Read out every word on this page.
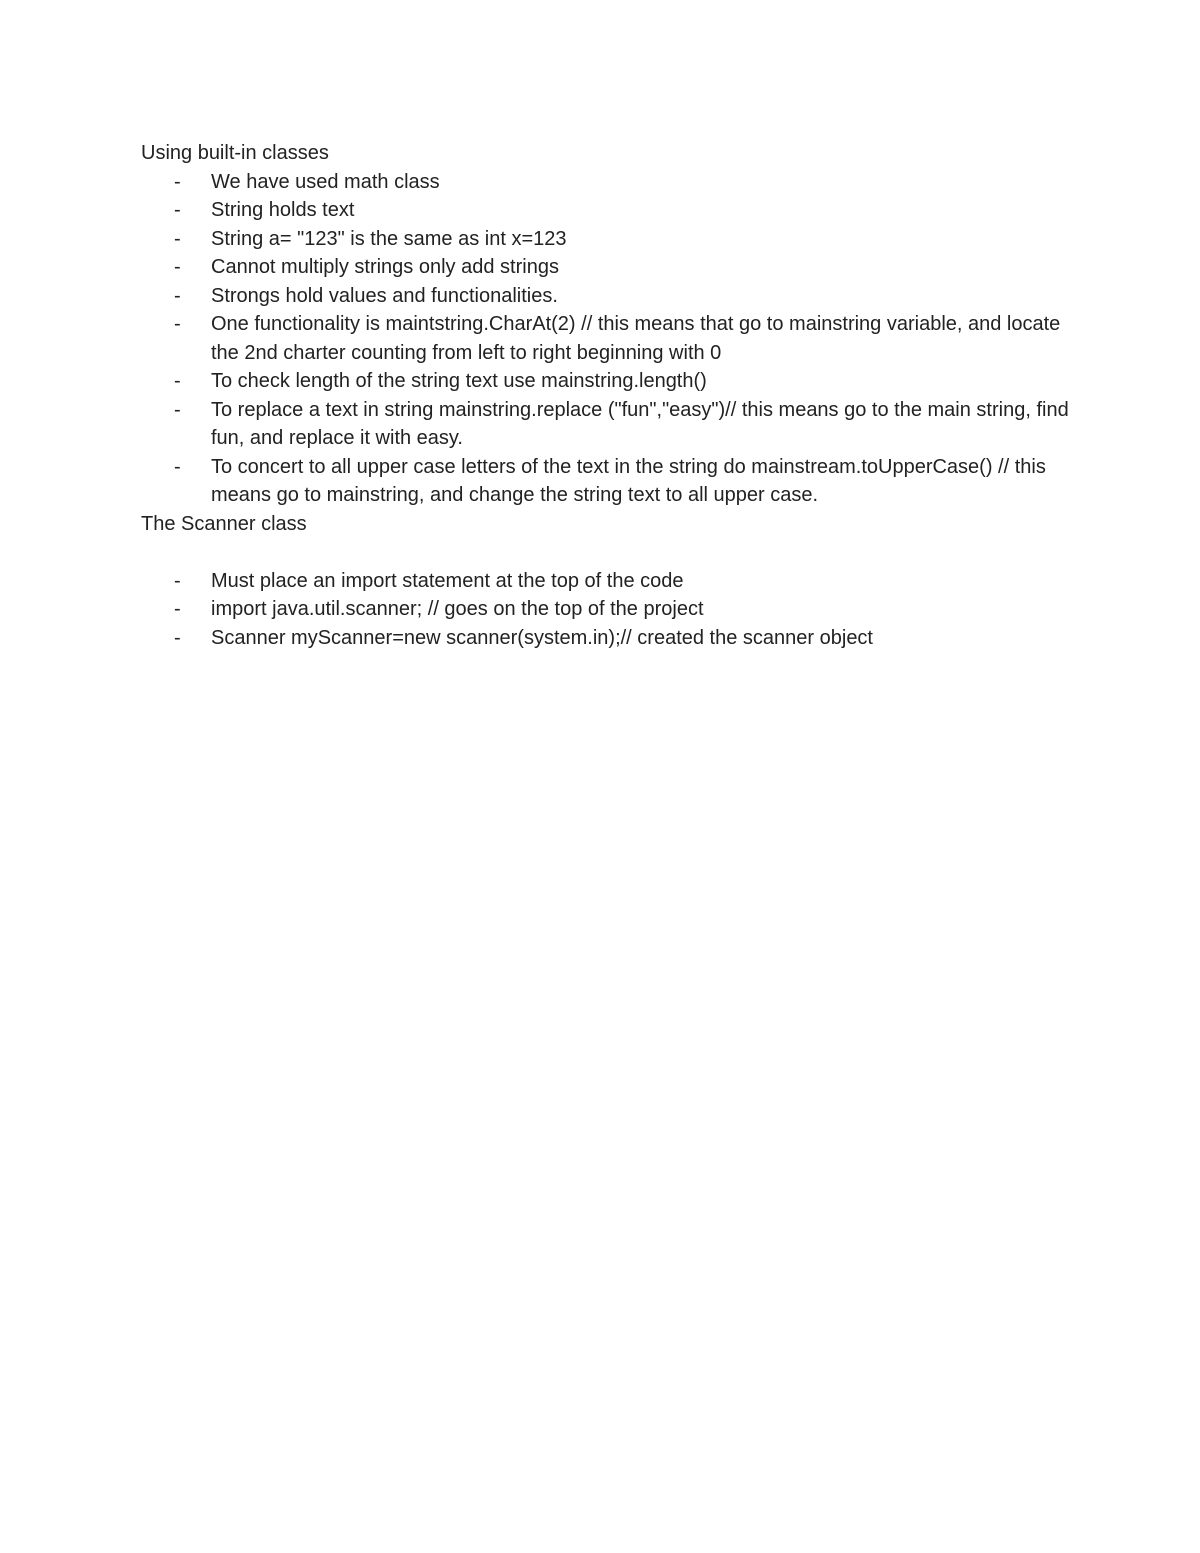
Using built-in classes

- We have used math class
- String holds text
- String a= "123" is the same as int x=123
- Cannot multiply strings only add strings
- Strongs hold values and functionalities.
- One functionality is maintstring.CharAt(2) // this means that go to mainstring variable, and locate the 2nd charter counting from left to right beginning with 0
- To check length of the string text use mainstring.length()
- To replace a text in string mainstring.replace ("fun","easy")// this means go to the main string, find fun, and replace it with easy.
- To concert to all upper case letters of the text in the string do mainstream.toUpperCase() // this means go to mainstring, and change the string text to all upper case.

The Scanner class

- Must place an import statement at the top of the code
- import java.util.scanner; // goes on the top of the project
- Scanner myScanner=new scanner(system.in);// created the scanner object
